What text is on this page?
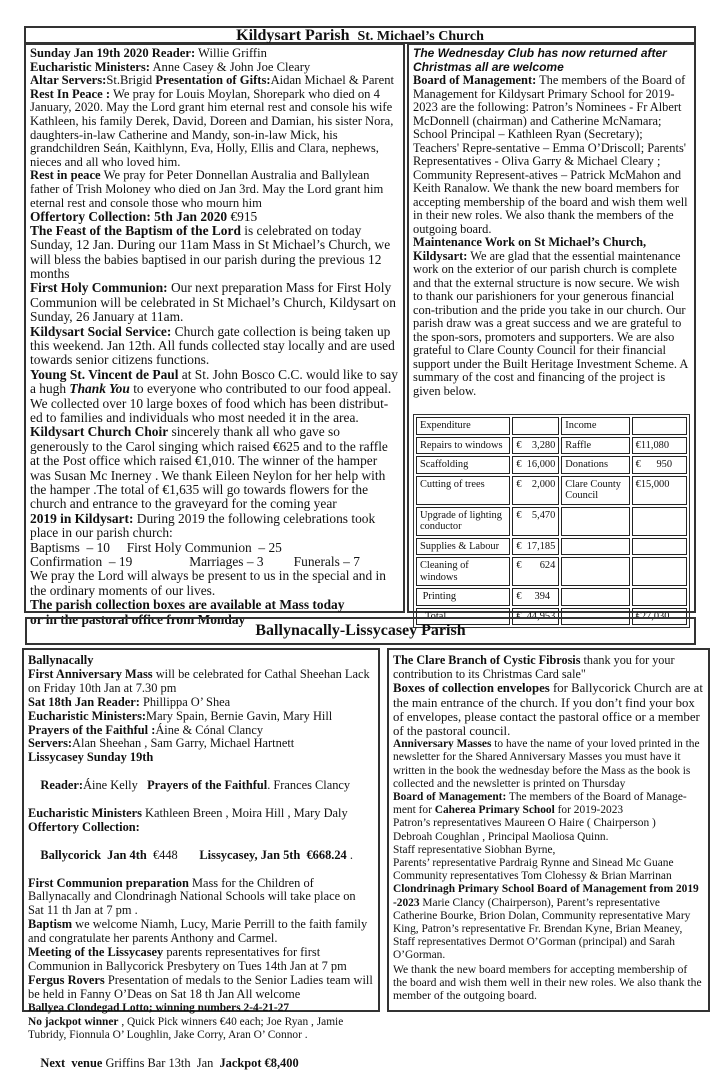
Kildysart Parish St. Michael’s Church

Sunday Jan 19th 2020 Reader: Willie Griffin

Eucharistic Ministers: Anne Casey & John Joe Cleary

Altar Servers:St.Brigid Presentation of Gifts:Aidan Michael & Parent

Rest In Peace : We pray for Louis Moylan, Shorepark who died on 4 January, 2020. May the Lord grant him eternal rest and console his wife Kathleen, his family Derek, David, Doreen and Damian, his sister Nora, daughters-in-law Catherine and Mandy, son-in-law Mick, his grandchildren Seán, Kaithlynn, Eva, Holly, Ellis and Clara, nephews, nieces and all who loved him.

Rest in peace We pray for Peter Donnellan Australia and Ballylean father of Trish Moloney who died on Jan 3rd. May the Lord grant him eternal rest and console those who mourn him

Offertory Collection: 5th Jan 2020 €915

The Feast of the Baptism of the Lord is celebrated on today Sunday, 12 Jan. During our 11am Mass in St Michael’s Church, we will bless the babies baptised in our parish during the previous 12 months

First Holy Communion: Our next preparation Mass for First Holy Communion will be celebrated in St Michael’s Church, Kildysart on Sunday, 26 January at 11am.

Kildysart Social Service: Church gate collection is being taken up this weekend. Jan 12th. All funds collected stay locally and are used towards senior citizens functions.

Young St. Vincent de Paul at St. John Bosco C.C. would like to say a hugh Thank You to everyone who contributed to our food appeal. We collected over 10 large boxes of food which has been distribut-ed to families and individuals who most needed it in the area.

Kildysart Church Choir sincerely thank all who gave so generously to the Carol singing which raised €625 and to the raffle at the Post office which raised €1,010. The winner of the hamper was Susan Mc Inerney . We thank Eileen Neylon for her help with the hamper .The total of €1,635 will go towards flowers for the church and entrance to the graveyard for the coming year

2019 in Kildysart: During 2019 the following celebrations took place in our parish church:

Baptisms  – 10     First Holy Communion  – 25

Confirmation  – 19                 Marriages – 3         Funerals – 7

We pray the Lord will always be present to us in the special and in the ordinary moments of our lives.

The parish collection boxes are available at Mass today

or in the pastoral office from Monday

The Wednesday Club has now returned after Christmas all are welcome

Board of Management: The members of the Board of Management for Kildysart Primary School for 2019-2023 are the following: Patron’s Nominees - Fr Albert McDonnell (chairman) and Catherine McNamara; School Principal – Kathleen Ryan (Secretary); Teachers' Repre-sentative – Emma O’Driscoll; Parents' Representatives - Oliva Garry & Michael Cleary ; Community Represent-atives – Patrick McMahon and Keith Ranalow. We thank the new board members for accepting membership of the board and wish them well in their new roles. We also thank the members of the outgoing board.

Maintenance Work on St Michael’s Church, Kildysart: We are glad that the essential maintenance work on the exterior of our parish church is complete and that the external structure is now secure. We wish to thank our parishioners for your generous financial con-tribution and the pride you take in our church. Our parish draw was a great success and we are grateful to the spon-sors, promoters and supporters. We are also grateful to Clare County Council for their financial support under the Built Heritage Investment Scheme. A summary of the cost and financing of the project is given below.

Expenditure		Income	
Repairs to windows	€    3,280	Raffle	€11,080
Scaffolding	€  16,000	Donations	€      950
Cutting of trees	€    2,000	Clare County Council	€15,000
Upgrade of lighting conductor	€    5,470		
Supplies & Labour	€  17,185		
Cleaning of windows	€       624		
Printing	€     394		
Total	€  44,953		€27,030
Ballynacally-Lissycasey Parish

Ballynacally

First Anniversary Mass will be celebrated for Cathal Sheehan Lack on Friday 10th Jan at 7.30 pm

Sat 18th Jan Reader: Phillippa O’ Shea

Eucharistic Ministers:Mary Spain, Bernie Gavin, Mary Hill

Prayers of the Faithful :Áine & Cónal Clancy

Servers:Alan Sheehan , Sam Garry, Michael Hartnett

Lissycasey Sunday 19th

Reader:Áine Kelly   Prayers of the Faithful. Frances Clancy

Eucharistic Ministers Kathleen Breen , Moira Hill , Mary Daly

Offertory Collection:

Ballycorick  Jan 4th  €448       Lissycasey, Jan 5th  €668.24 .

First Communion preparation Mass for the Children of Ballynacally and Clondrinagh National Schools will take place on Sat 11 th Jan at 7 pm .

Baptism we welcome Niamh, Lucy, Marie Perrill to the faith family and congratulate her parents Anthony and Carmel.

Meeting of the Lissycasey parents representatives for first Communion in Ballycorick Presbytery on Tues 14th Jan at 7 pm

Fergus Rovers Presentation of medals to the Senior Ladies team will be held in Fanny O’Deas on Sat 18 th Jan All welcome

Ballyea Clondegad Lotto; winning numbers 2-4-21-27

No jackpot winner , Quick Pick winners €40 each; Joe Ryan , Jamie Tubridy, Fionnula O’ Loughlin, Jake Corry, Aran O’ Connor .

Next  venue Griffins Bar 13th  Jan  Jackpot €8,400

The Clare Branch of Cystic Fibrosis thank you for your contribution to its Christmas Card sale"

Boxes of collection envelopes for Ballycorick Church are at the main entrance of the church. If you don’t find your box of envelopes, please contact the pastoral office or a member of the pastoral council.

Anniversary Masses to have the name of your loved printed in the newsletter for the Shared Anniversary Masses you must have it written in the book the wednesday before the Mass as the book is collected and the newsletter is printed on Thursday

Board of Management: The members of the Board of Manage-ment for Caherea Primary School for 2019-2023

Patron’s representatives Maureen O Haire ( Chairperson )

Debroah Coughlan , Principal Maoliosa Quinn.

Staff representative Siobhan Byrne,

Parents’ representative Pardraig Rynne and Sinead Mc Guane

Community representatives Tom Clohessy & Brian Marrinan

Clondrinagh Primary School Board of Management from 2019 -2023 Marie Clancy (Chairperson), Parent’s representative Catherine Bourke, Brion Dolan, Community representative Mary King, Patron’s representative Fr. Brendan Kyne, Brian Meaney, Staff representatives Dermot O’Gorman (principal) and Sarah O’Gorman.

We thank the new board members for accepting membership of the board and wish them well in their new roles. We also thank the member of the outgoing board.
